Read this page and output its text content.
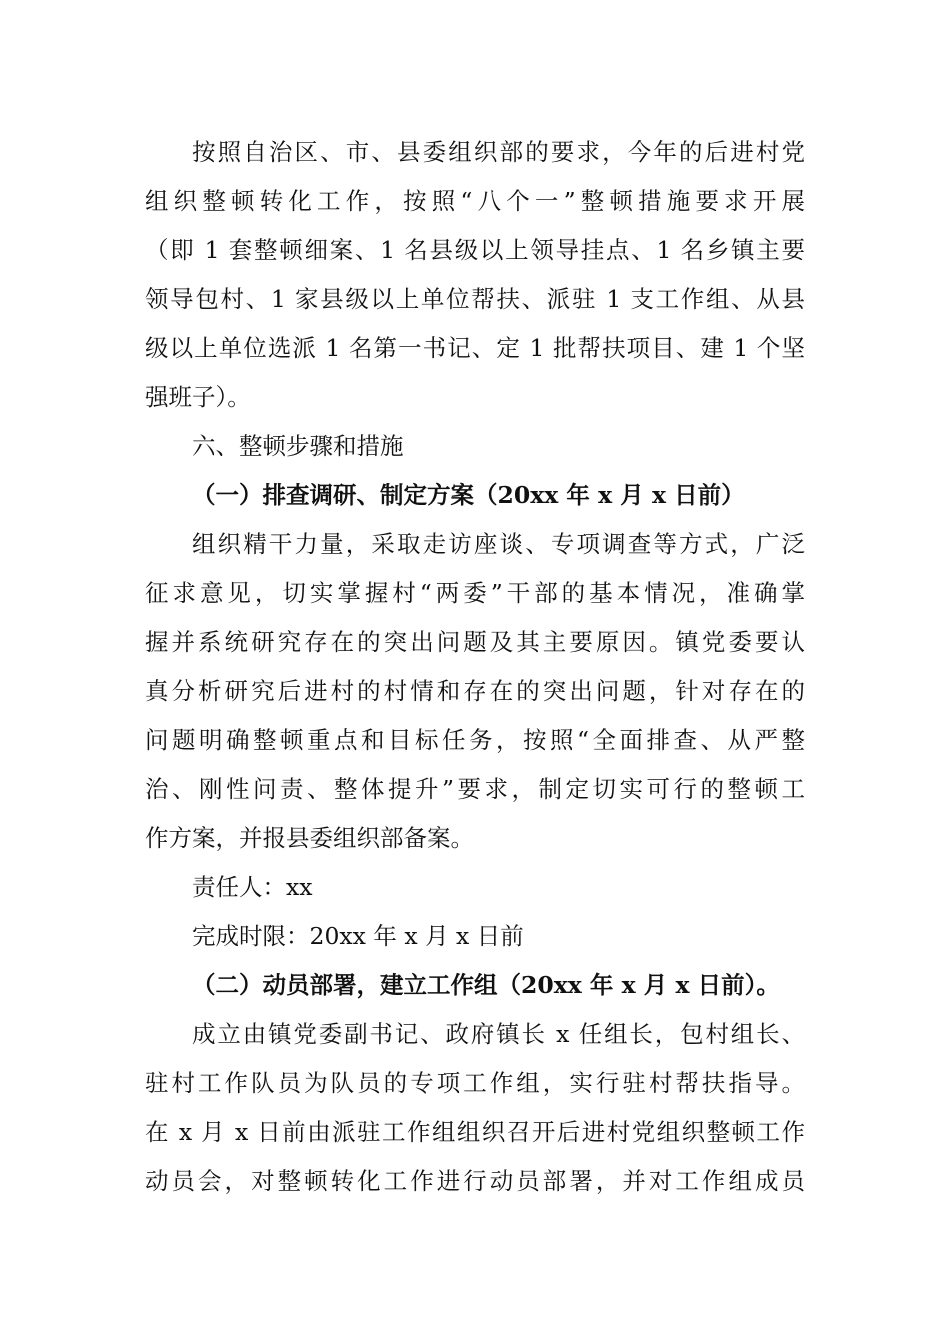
按照自治区、市、县委组织部的要求，今年的后进村党
组织整顿转化工作，按照“八个一”整顿措施要求开展
（即 1 套整顿细案、1 名县级以上领导挂点、1 名乡镇主要
领导包村、1 家县级以上单位帮扶、派驻 1 支工作组、从县
级以上单位选派 1 名第一书记、定 1 批帮扶项目、建 1 个坚
强班子）。
六、整顿步骤和措施
（一）排查调研、制定方案（20xx 年 x 月 x 日前）
组织精干力量，采取走访座谈、专项调查等方式，广泛
征求意见，切实掌握村“两委”干部的基本情况，准确掌
握并系统研究存在的突出问题及其主要原因。镇党委要认
真分析研究后进村的村情和存在的突出问题，针对存在的
问题明确整顿重点和目标任务，按照“全面排查、从严整
治、刚性问责、整体提升”要求，制定切实可行的整顿工
作方案，并报县委组织部备案。
责任人：xx
完成时限：20xx 年 x 月 x 日前
（二）动员部署，建立工作组（20xx 年 x 月 x 日前）。
成立由镇党委副书记、政府镇长 x 任组长，包村组长、
驻村工作队员为队员的专项工作组，实行驻村帮扶指导。
在 x 月 x 日前由派驻工作组组织召开后进村党组织整顿工作
动员会，对整顿转化工作进行动员部署，并对工作组成员
